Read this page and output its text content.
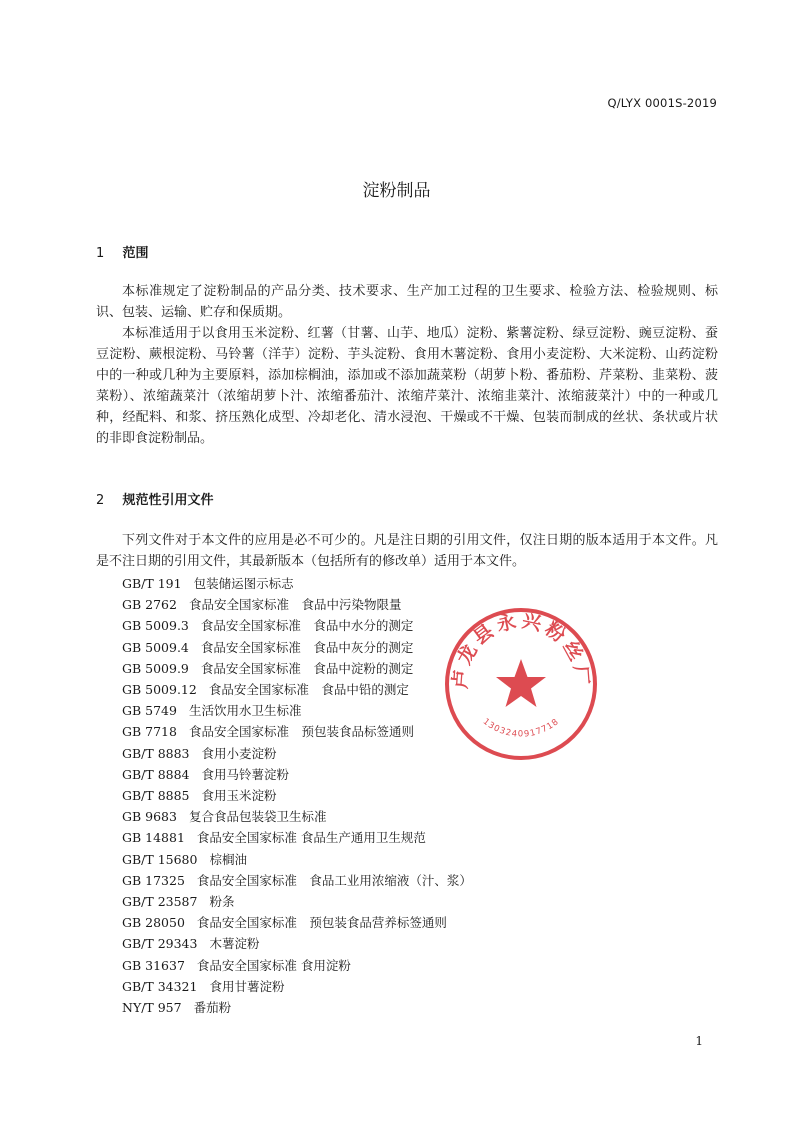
Q/LYX 0001S-2019
淀粉制品
1 范围

本标准规定了淀粉制品的产品分类、技术要求、生产加工过程的卫生要求、检验方法、检验规则、标识、包装、运输、贮存和保质期。

本标准适用于以食用玉米淀粉、红薯（甘薯、山芋、地瓜）淀粉、紫薯淀粉、绿豆淀粉、豌豆淀粉、蚕豆淀粉、蕨根淀粉、马铃薯（洋芋）淀粉、芋头淀粉、食用木薯淀粉、食用小麦淀粉、大米淀粉、山药淀粉中的一种或几种为主要原料，添加棕榈油，添加或不添加蔬菜粉（胡萝卜粉、番茄粉、芹菜粉、韭菜粉、菠菜粉）、浓缩蔬菜汁（浓缩胡萝卜汁、浓缩番茄汁、浓缩芹菜汁、浓缩韭菜汁、浓缩菠菜汁）中的一种或几种，经配料、和浆、挤压熟化成型、冷却老化、清水浸泡、干燥或不干燥、包装而制成的丝状、条状或片状的非即食淀粉制品。

2 规范性引用文件

下列文件对于本文件的应用是必不可少的。凡是注日期的引用文件，仅注日期的版本适用于本文件。凡是不注日期的引用文件，其最新版本（包括所有的修改单）适用于本文件。

GB/T 191 包装储运图示标志
GB 2762 食品安全国家标准　食品中污染物限量
GB 5009.3 食品安全国家标准　食品中水分的测定
GB 5009.4 食品安全国家标准　食品中灰分的测定
GB 5009.9 食品安全国家标准　食品中淀粉的测定
GB 5009.12 食品安全国家标准　食品中铅的测定
GB 5749 生活饮用水卫生标准
GB 7718 食品安全国家标准　预包装食品标签通则
GB/T 8883 食用小麦淀粉
GB/T 8884 食用马铃薯淀粉
GB/T 8885 食用玉米淀粉
GB 9683 复合食品包装袋卫生标准
GB 14881 食品安全国家标准 食品生产通用卫生规范
GB/T 15680 棕榈油
GB 17325 食品安全国家标准　食品工业用浓缩液（汁、浆）
GB/T 23587 粉条
GB 28050 食品安全国家标准　预包装食品营养标签通则
GB/T 29343 木薯淀粉
GB 31637 食品安全国家标准 食用淀粉
GB/T 34321 食用甘薯淀粉
NY/T 957 番茄粉
卢龙县永兴粉丝厂
1303240917718
1
